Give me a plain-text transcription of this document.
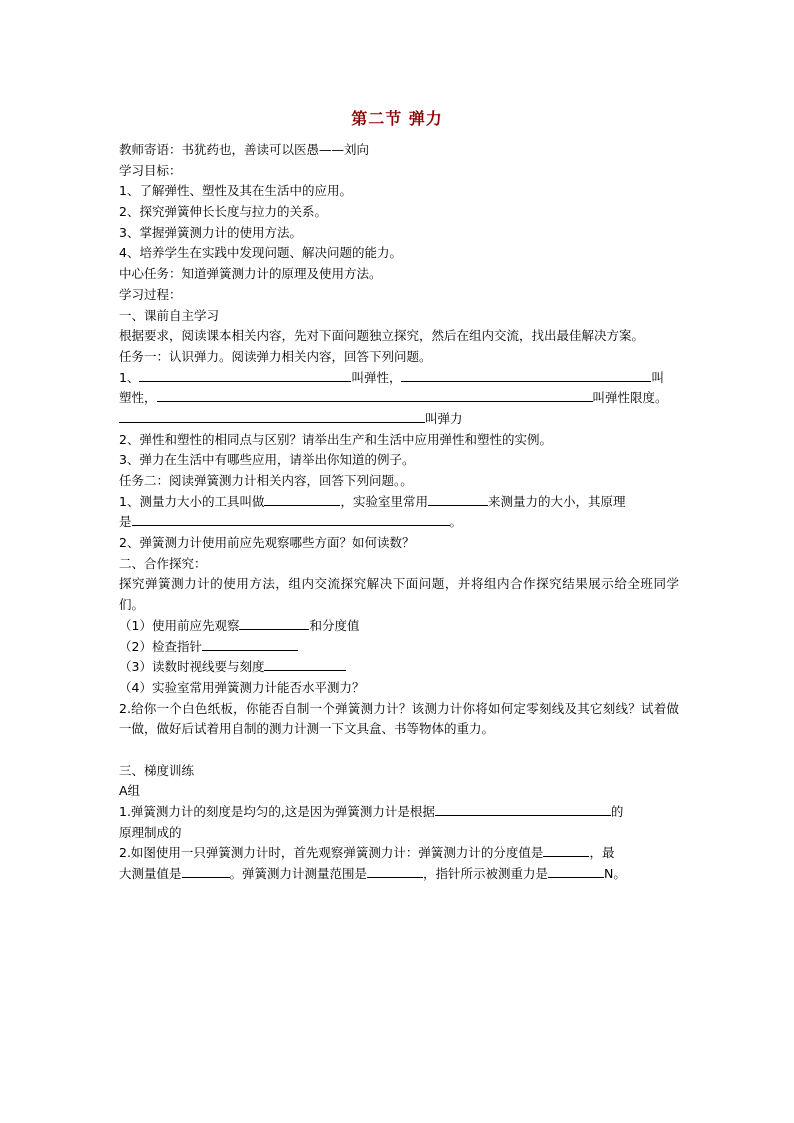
第二节 弹力
教师寄语：书犹药也，善读可以医愚——刘向
学习目标：
1、了解弹性、塑性及其在生活中的应用。
2、探究弹簧伸长长度与拉力的关系。
3、掌握弹簧测力计的使用方法。
4、培养学生在实践中发现问题、解决问题的能力。
中心任务：知道弹簧测力计的原理及使用方法。
学习过程：
一、课前自主学习
根据要求，阅读课本相关内容，先对下面问题独立探究，然后在组内交流，找出最佳解决方案。
任务一：认识弹力。阅读弹力相关内容，回答下列问题。
1、	叫弹性，	叫
塑性，	叫弹性限度。
叫弹力
2、弹性和塑性的相同点与区别？请举出生产和生活中应用弹性和塑性的实例。
3、弹力在生活中有哪些应用，请举出你知道的例子。
任务二：阅读弹簧测力计相关内容，回答下列问题。。
1、测量力大小的工具叫做	，实验室里常用	来测量力的大小，其原理
是	。
2、弹簧测力计使用前应先观察哪些方面？如何读数？
二、合作探究：
探究弹簧测力计的使用方法，组内交流探究解决下面问题，并将组内合作探究结果展示给全班同学们。
（1）使用前应先观察	和分度值
（2）检查指针
（3）读数时视线要与刻度
（4）实验室常用弹簧测力计能否水平测力？
2.给你一个白色纸板，你能否自制一个弹簧测力计？该测力计你将如何定零刻线及其它刻线？试着做一做，做好后试着用自制的测力计测一下文具盒、书等物体的重力。
三、梯度训练
A组
1.弹簧测力计的刻度是均匀的,这是因为弹簧测力计是根据	的
原理制成的
2.如图使用一只弹簧测力计时，首先观察弹簧测力计：弹簧测力计的分度值是	，最
大测量值是	。弹簧测力计测量范围是	，指针所示被测重力是	N。
